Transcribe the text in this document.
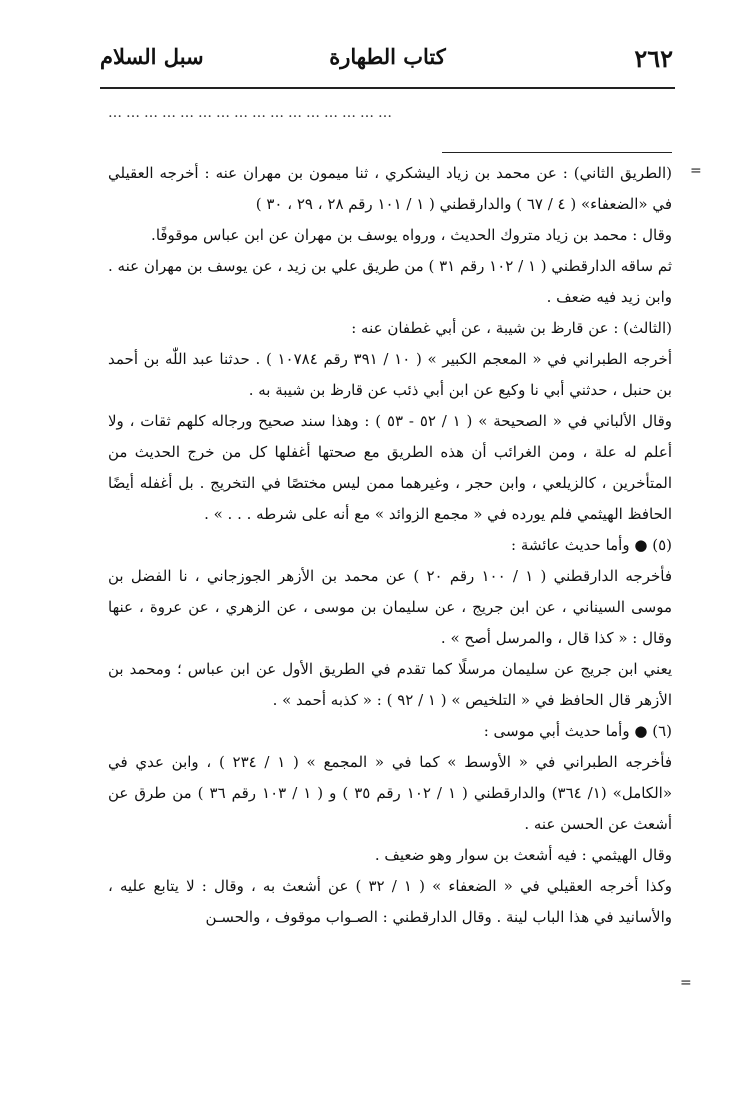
٢٦٢
كتاب الطهارة
سبل السلام
…………………………………………
=
=

(الطريق الثاني) : عن محمد بن زياد اليشكري ، ثنا ميمون بن مهران عنه : أخرجه العقيلي في «الضعفاء» ( ٤ / ٦٧ ) والدارقطني ( ١ / ١٠١ رقم ٢٨ ، ٢٩ ، ٣٠ )

وقال : محمد بن زياد متروك الحديث ، ورواه يوسف بن مهران عن ابن عباس موقوفًا.

ثم ساقه الدارقطني ( ١ / ١٠٢ رقم ٣١ ) من طريق علي بن زيد ، عن يوسف بن مهران عنه . وابن زيد فيه ضعف .

(الثالث) : عن قارظ بن شيبة ، عن أبي غطفان عنه :

أخرجه الطبراني في « المعجم الكبير » ( ١٠ / ٣٩١ رقم ١٠٧٨٤ ) . حدثنا عبد اللّٰه بن أحمد بن حنبل ، حدثني أبي نا وكيع عن ابن أبي ذئب عن قارظ بن شيبة به .

وقال الألباني في « الصحيحة » ( ١ / ٥٢ - ٥٣ ) : وهذا سند صحيح ورجاله كلهم ثقات ، ولا أعلم له علة ، ومن الغرائب أن هذه الطريق مع صحتها أغفلها كل من خرج الحديث من المتأخرين ، كالزيلعي ، وابن حجر ، وغيرهما ممن ليس مختصًا في التخريج . بل أغفله أيضًا الحافظ الهيثمي فلم يورده في « مجمع الزوائد » مع أنه على شرطه . . . » .

(٥) ● وأما حديث عائشة :

فأخرجه الدارقطني ( ١ / ١٠٠ رقم ٢٠ ) عن محمد بن الأزهر الجوزجاني ، نا الفضل بن موسى السيناني ، عن ابن جريج ، عن سليمان بن موسى ، عن الزهري ، عن عروة ، عنها وقال : « كذا قال ، والمرسل أصح » .

يعني ابن جريج عن سليمان مرسلًا كما تقدم في الطريق الأول عن ابن عباس ؛ ومحمد بن الأزهر قال الحافظ في « التلخيص » ( ١ / ٩٢ ) : « كذبه أحمد » .

(٦) ● وأما حديث أبي موسى :

فأخرجه الطبراني في « الأوسط » كما في « المجمع » ( ١ / ٢٣٤ ) ، وابن عدي في «الكامل» (١/ ٣٦٤) والدارقطني ( ١ / ١٠٢ رقم ٣٥ ) و ( ١ / ١٠٣ رقم ٣٦ ) من طرق عن أشعث عن الحسن عنه .

وقال الهيثمي : فيه أشعث بن سوار وهو ضعيف .

وكذا أخرجه العقيلي في « الضعفاء » ( ١ / ٣٢ ) عن أشعث به ، وقال : لا يتابع عليه ، والأسانيد في هذا الباب لينة . وقال الدارقطني : الصـواب موقوف ، والحسـن
